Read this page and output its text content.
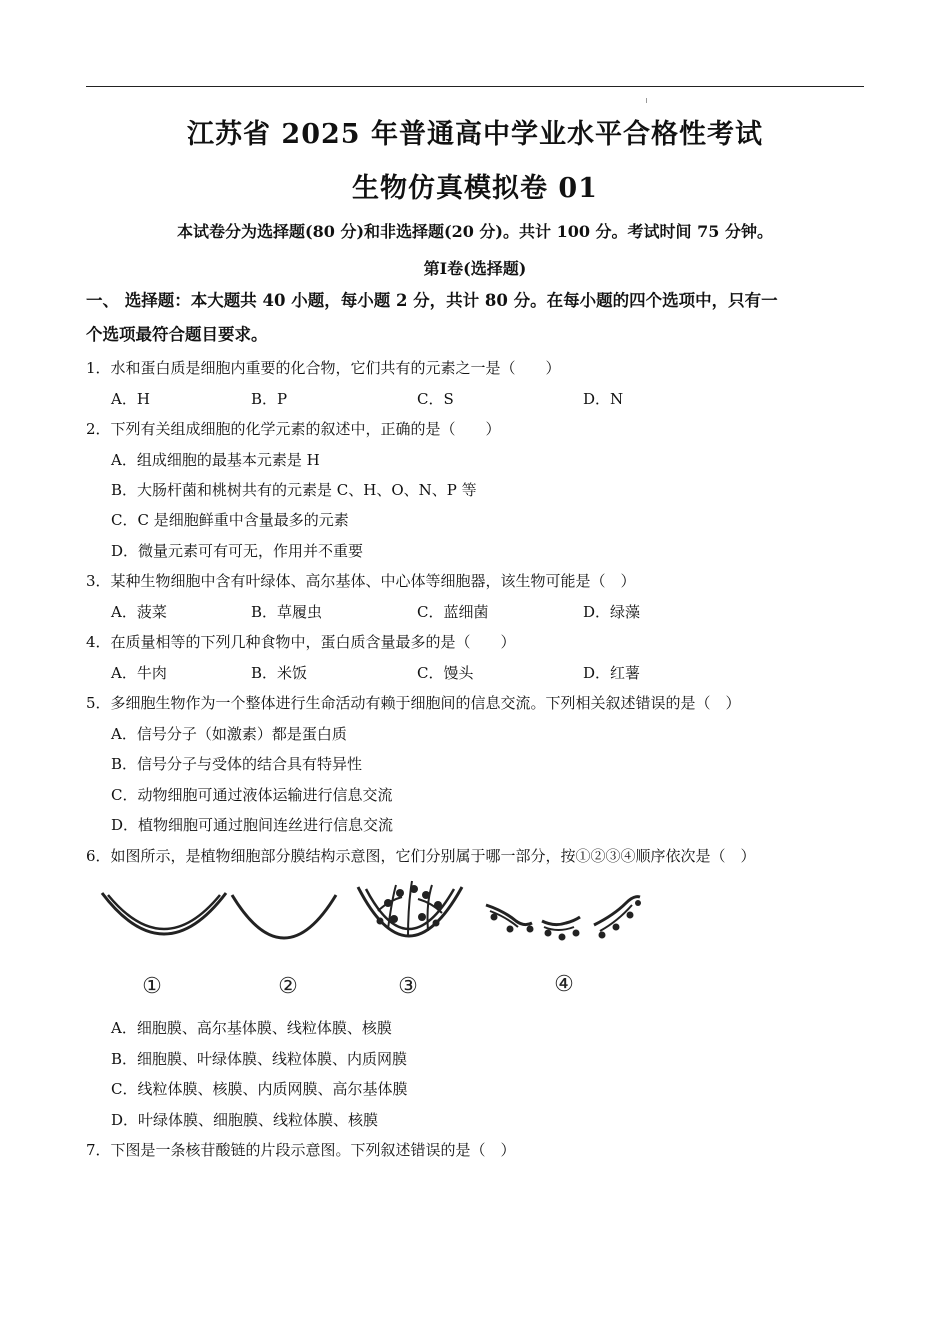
江苏省 2025 年普通高中学业水平合格性考试
生物仿真模拟卷 01
本试卷分为选择题(80 分)和非选择题(20 分)。共计 100 分。考试时间 75 分钟。
第Ⅰ卷(选择题)
一、 选择题：本大题共 40 小题，每小题 2 分，共计 80 分。在每小题的四个选项中，只有一
个选项最符合题目要求。
1．水和蛋白质是细胞内重要的化合物，它们共有的元素之一是（　　）
A．H	B．P	C．S	D．N
2．下列有关组成细胞的化学元素的叙述中，正确的是（　　）
A．组成细胞的最基本元素是 H
B．大肠杆菌和桃树共有的元素是 C、H、O、N、P 等
C．C 是细胞鲜重中含量最多的元素
D．微量元素可有可无，作用并不重要
3．某种生物细胞中含有叶绿体、高尔基体、中心体等细胞器，该生物可能是（　）
A．菠菜	B．草履虫	C．蓝细菌	D．绿藻
4．在质量相等的下列几种食物中，蛋白质含量最多的是（　　）
A．牛肉	B．米饭	C．馒头	D．红薯
5．多细胞生物作为一个整体进行生命活动有赖于细胞间的信息交流。下列相关叙述错误的是（　）
A．信号分子（如激素）都是蛋白质
B．信号分子与受体的结合具有特异性
C．动物细胞可通过液体运输进行信息交流
D．植物细胞可通过胞间连丝进行信息交流
6．如图所示，是植物细胞部分膜结构示意图，它们分别属于哪一部分，按①②③④顺序依次是（　）
①	②	③	④
A．细胞膜、高尔基体膜、线粒体膜、核膜
B．细胞膜、叶绿体膜、线粒体膜、内质网膜
C．线粒体膜、核膜、内质网膜、高尔基体膜
D．叶绿体膜、细胞膜、线粒体膜、核膜
7．下图是一条核苷酸链的片段示意图。下列叙述错误的是（　）
